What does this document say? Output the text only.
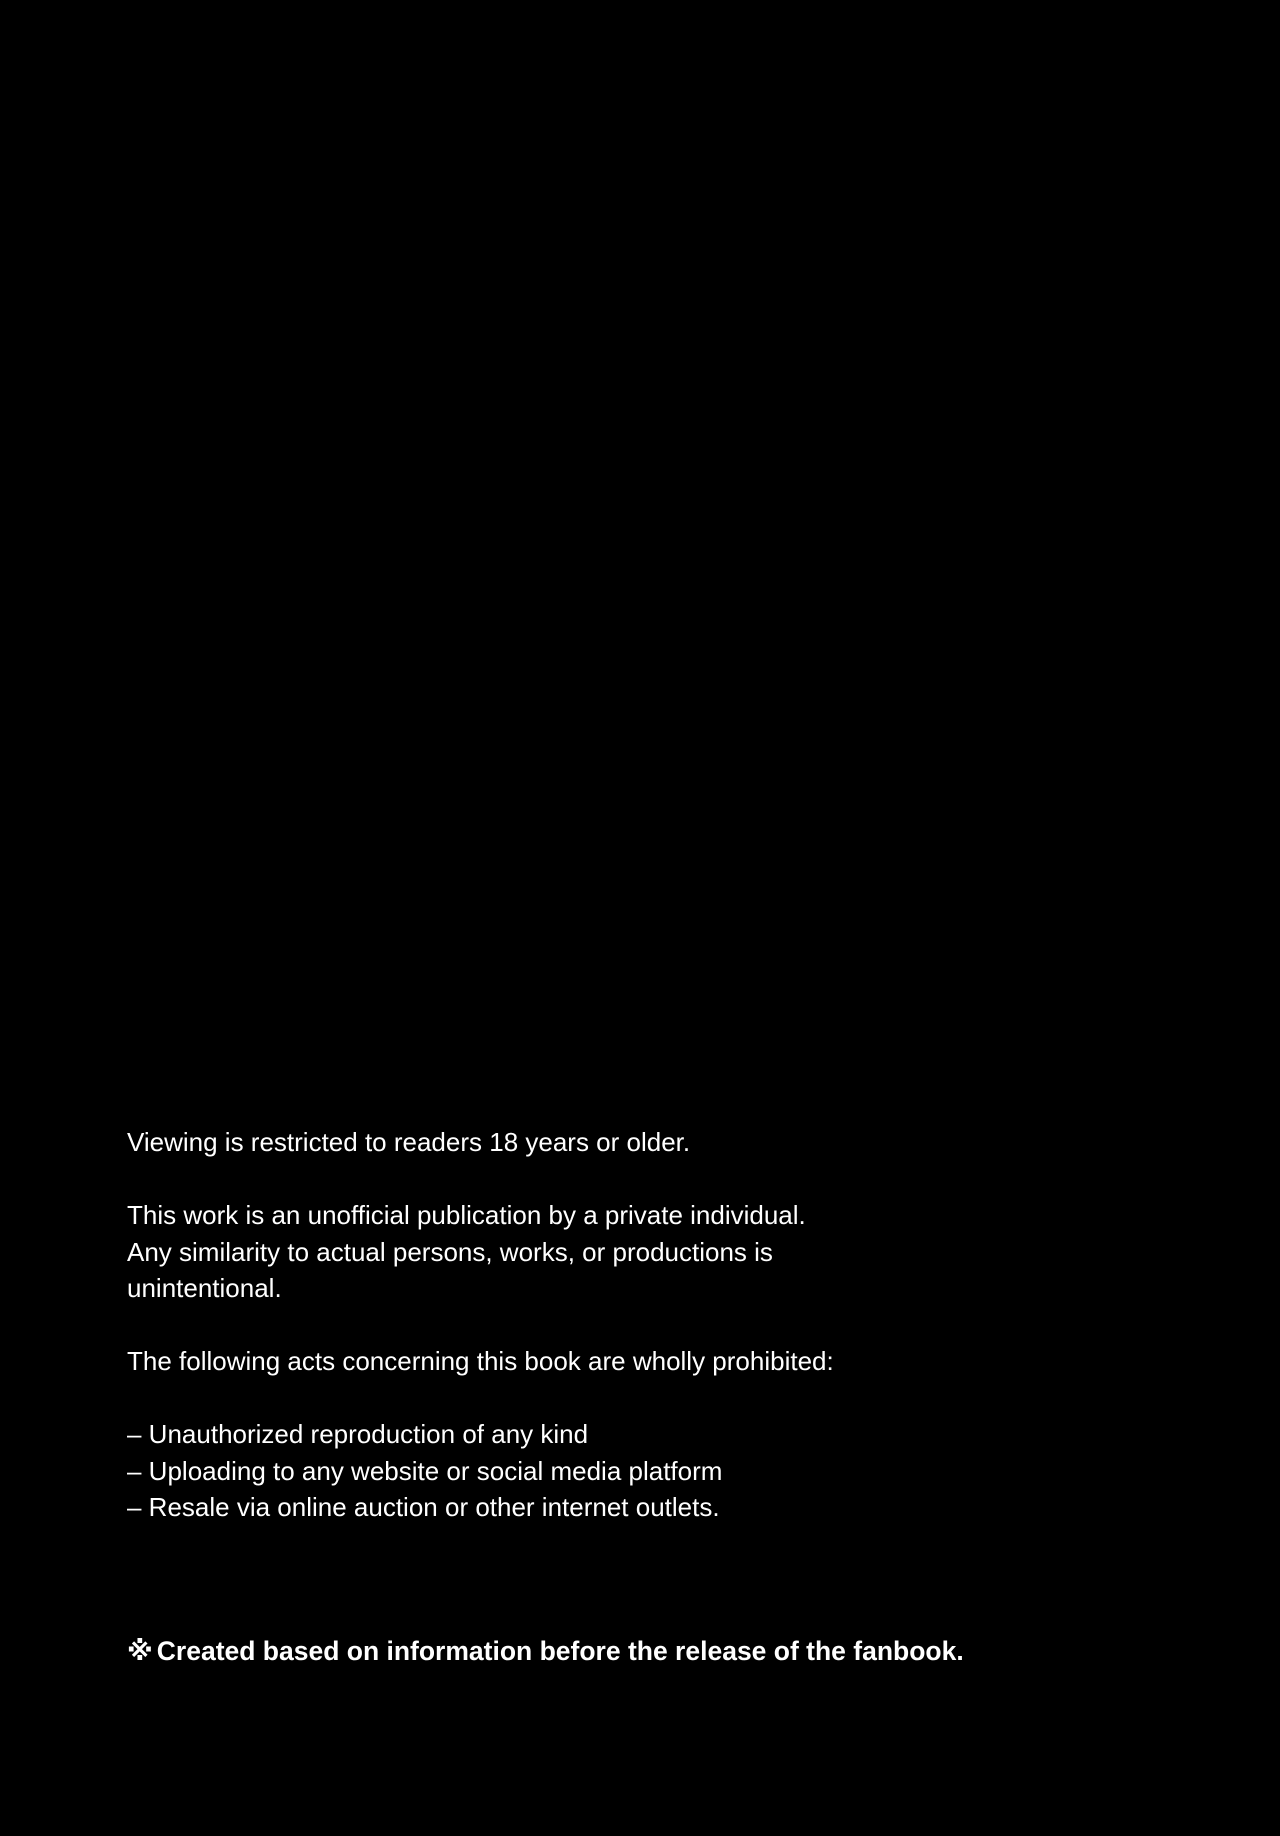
Viewing is restricted to readers 18 years or older.

This work is an unofficial publication by a private individual.

Any similarity to actual persons, works, or productions is

unintentional.

The following acts concerning this book are wholly prohibited:

– Unauthorized reproduction of any kind

– Uploading to any website or social media platform

– Resale via online auction or other internet outlets.

※ Created based on information before the release of the fanbook.
